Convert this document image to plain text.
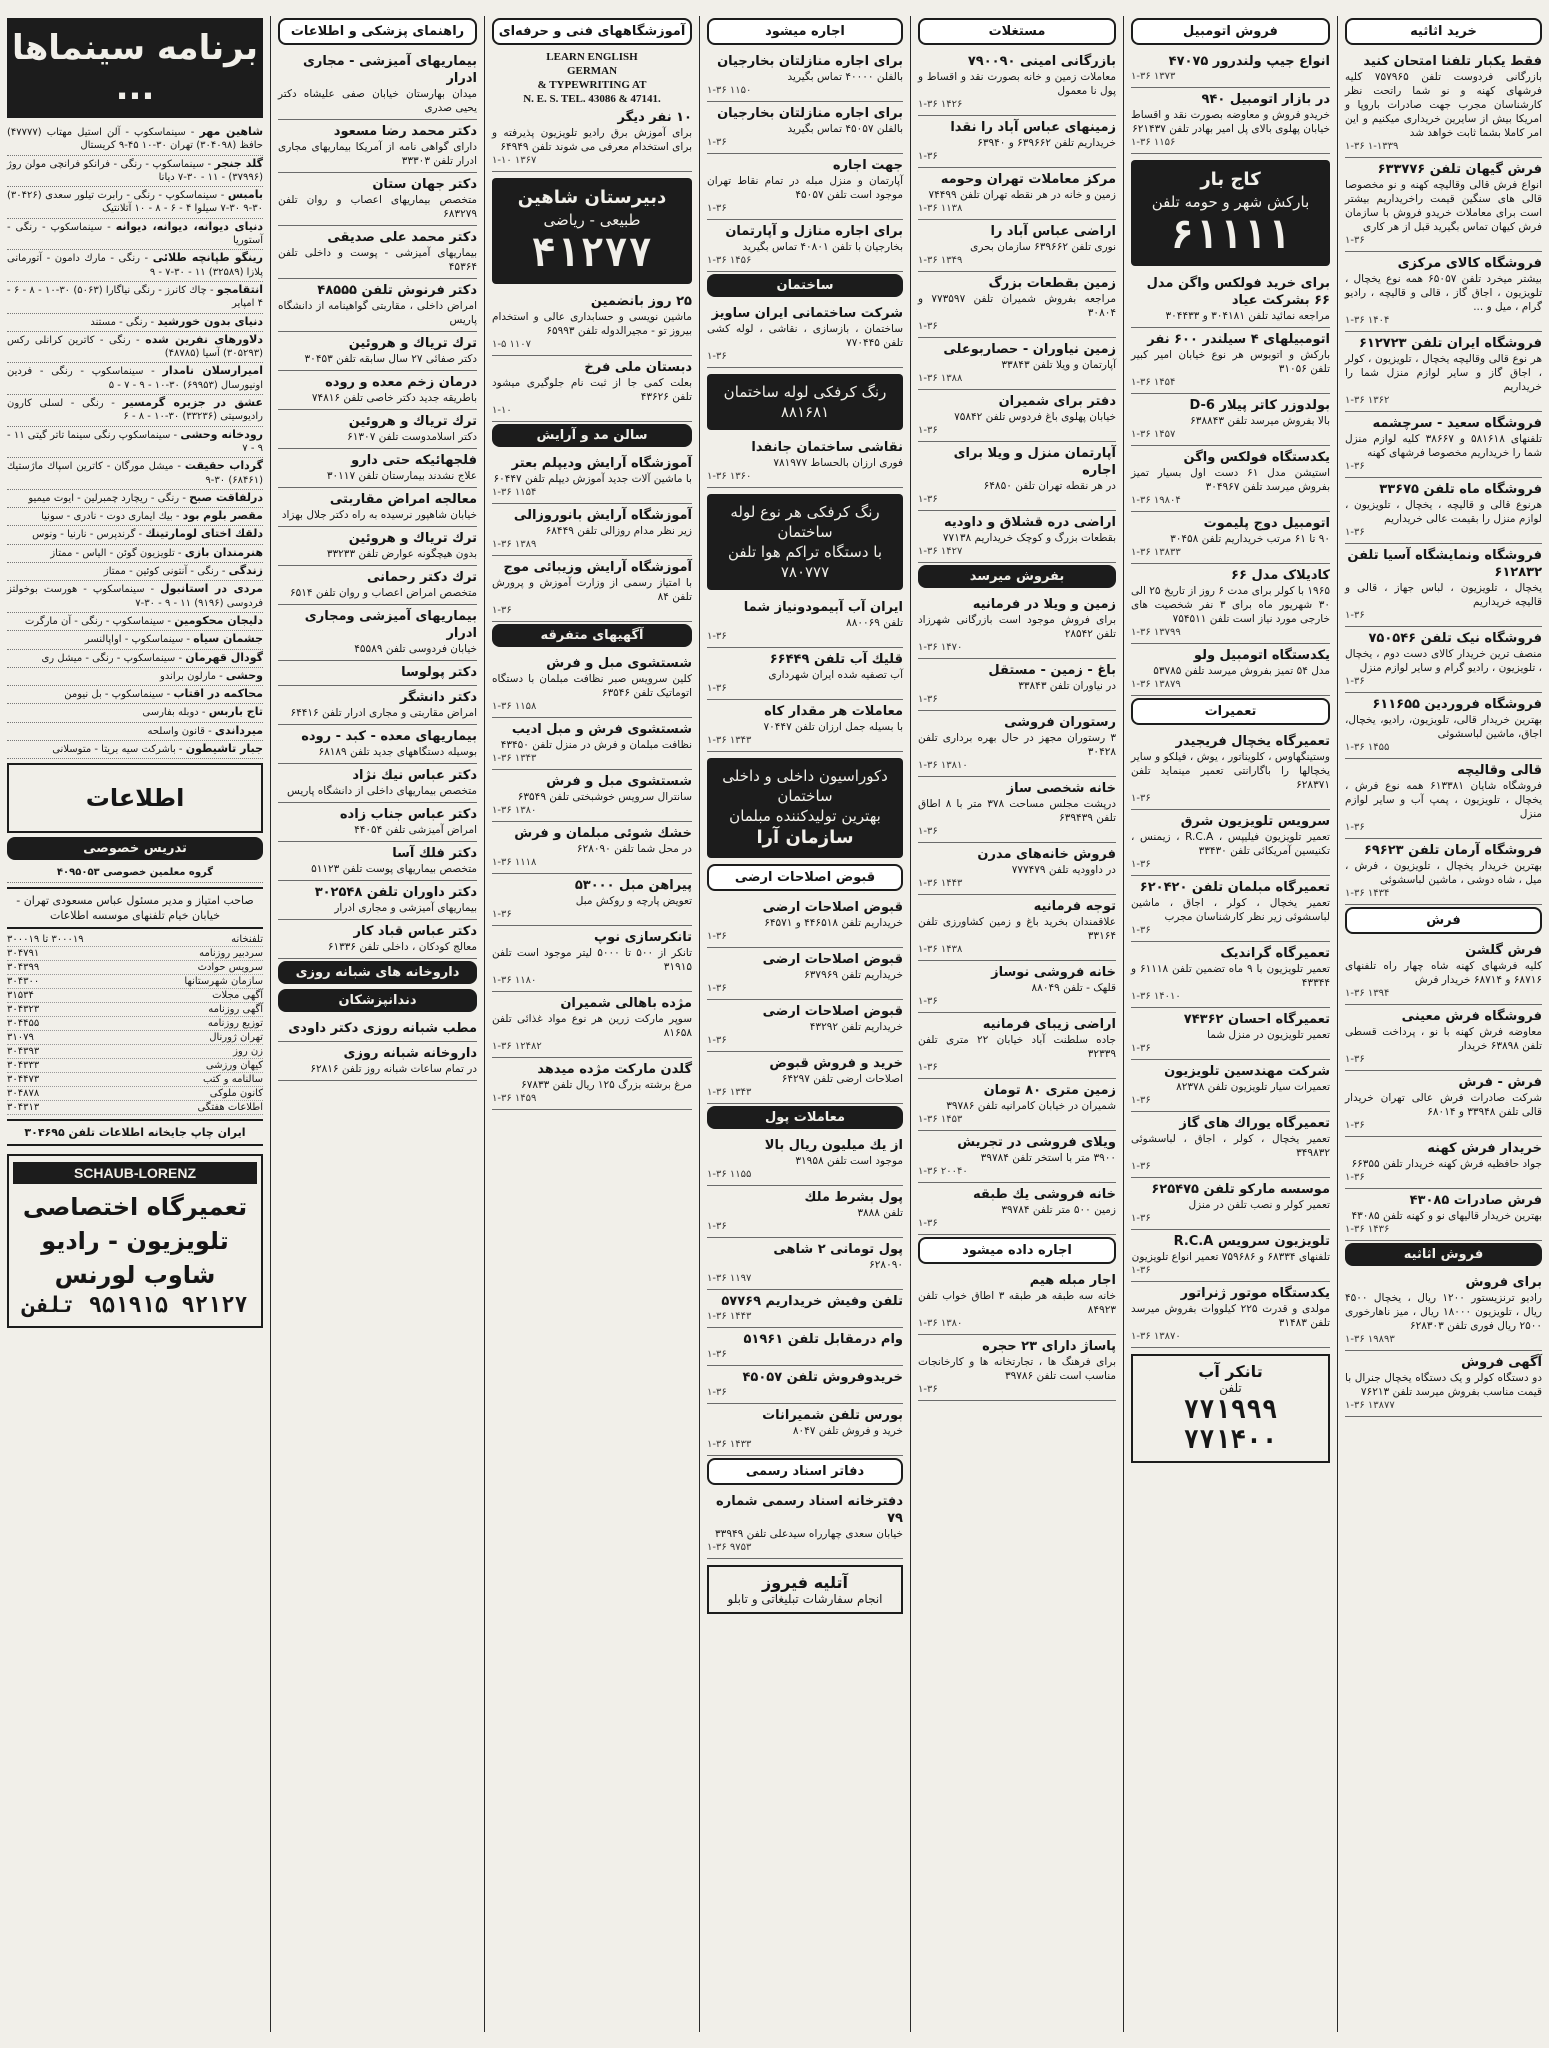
خرید اثاثیه
فقط یکبار تلفنا امتحان کنید
بازرگانی فردوست تلفن ۷۵۷۹۶۵ کلیه فرشهای کهنه و نو شما راتحت نظر کارشناسان مجرب جهت صادرات باروپا و امریکا بیش از سایرین خریداری میکنیم و این امر کاملا بشما ثابت خواهد شد
۱-۳۶ ۱-۱۳۳۹
فرش گیهان تلفن ۶۳۳۷۷۶
انواع فرش قالی وقالیچه کهنه و نو مخصوصا قالی های سنگین قیمت راخریداریم بیشتر است برای معاملات خریدو فروش با سازمان فرش کیهان تماس بگیرید قبل از هر کاری
۱-۳۶
فروشگاه کالای مرکزی
بیشتر میخرد تلفن ۶۵۰۵۷ همه نوع یخچال ، تلویزیون ، اجاق گاز ، قالی و قالیچه ، رادیو گرام ، میل و ...
۱-۳۶ ۱۴۰۴
فروشگاه ایران تلفن ۶۱۲۷۲۳
هر نوع قالی وقالیچه یخچال ، تلویزیون ، کولر ، اجاق گاز و سایر لوازم منزل شما را خریداریم
۱-۳۶ ۱۳۶۲
فروشگاه سعید - سرچشمه
تلفنهای ۵۸۱۶۱۸ و ۳۸۶۶۷ کلیه لوازم منزل شما را خریداریم مخصوصا فرشهای کهنه
۱-۳۶
فروشگاه ماه تلفن ۳۳۶۷۵
هرنوع قالی و قالیچه ، یخچال ، تلویزیون ، لوازم منزل را بقیمت عالی خریداریم
۱-۳۶
فروشگاه ونمایشگاه آسیا تلفن ۶۱۲۸۳۲
یخچال ، تلویزیون ، لباس جهاز ، قالی و قالیچه خریداریم
۱-۳۶
فروشگاه نیک تلفن ۷۵۰۵۴۶
منصف ترین خریدار کالای دست دوم ، یخچال ، تلویزیون ، رادیو گرام و سایر لوازم منزل
۱-۳۶
فروشگاه فروردین ۶۱۱۶۵۵
بهترین خریدار قالی، تلویزیون، رادیو، یخچال، اجاق، ماشین لباسشوئی
۱-۳۶ ۱۴۵۵
قالی وقالیچه
فروشگاه شایان ۶۱۳۳۸۱ همه نوع فرش ، یخچال ، تلویزیون ، پمپ آب و سایر لوازم منزل
۱-۳۶
فروشگاه آرمان تلفن ۶۹۶۲۳
بهترین خریدار یخچال ، تلویزیون ، فرش ، میل ، شاه دوشی ، ماشین لباسشوئی
۱-۳۶ ۱۴۳۴
فرش
فرش گلشن
کلیه فرشهای کهنه شاه چهار راه تلفنهای ۶۸۷۱۶ و ۶۸۷۱۴ خریدار فرش
۱-۳۶ ۱۳۹۴
فروشگاه فرش معینی
معاوضه فرش کهنه با نو ، پرداخت قسطی تلفن ۶۳۸۹۸ خریدار
۱-۳۶
فرش - فرش
شرکت صادرات فرش عالی تهران خریدار قالی تلفن ۳۳۹۴۸ و ۶۸۰۱۴
۱-۳۶
خریدار فرش کهنه
جواد حافظیه فرش کهنه خریدار تلفن ۶۶۳۵۵
۱-۳۶
فرش صادرات ۴۳۰۸۵
بهترین خریدار قالیهای نو و کهنه تلفن ۴۳۰۸۵
۱-۳۶ ۱۴۳۶
فروش اثاثیه
برای فروش
رادیو ترنزیستور ۱۲۰۰ ریال ، یخچال ۴۵۰۰ ریال ، تلویزیون ۱۸۰۰۰ ریال ، میز ناهارخوری ۲۵۰۰ ریال فوری تلفن ۶۲۸۳۰۳
۱-۳۶ ۱۹۸۹۳
آگهی فروش
دو دستگاه کولر و یک دستگاه یخچال جنرال با قیمت مناسب بفروش میرسد تلفن ۷۶۲۱۳
۱-۳۶ ۱۳۸۷۷
فروش اتومبیل
انواع جیپ ولندرور ۴۷۰۷۵
۱-۳۶ ۱۳۷۳
در بازار اتومبیل ۹۴۰
خریدو فروش و معاوضه بصورت نقد و اقساط خیابان پهلوی بالای پل امیر بهادر تلفن ۶۲۱۴۳۷
۱-۳۶ ۱۱۵۶
کاج بار
بارکش شهر و حومه تلفن
۶۱۱۱۱
برای خرید فولکس واگن مدل ۶۶ بشرکت عیاد
مراجعه نمائید تلفن ۳۰۴۱۸۱ و ۳۰۴۴۳۳
اتومبیلهای ۴ سیلندر ۶۰۰ نفر
بارکش و اتوبوس هر نوع خیابان امیر کبیر تلفن ۳۱۰۵۶
۱-۳۶ ۱۴۵۴
بولدوزر کاتر پیلار D-6
بالا بفروش میرسد تلفن ۶۳۸۸۴۳
۱-۳۶ ۱۴۵۷
یکدستگاه فولکس واگن
استیشن مدل ۶۱ دست اول بسیار تمیز بفروش میرسد تلفن ۳۰۴۹۶۷
۱-۳۶ ۱۹۸۰۴
اتومبیل دوج پلیموت
۹۰ تا ۶۱ مرتب خریداریم تلفن ۳۰۴۵۸
۱-۳۶ ۱۳۸۳۳
کادیلاک مدل ۶۶
۱۹۶۵ با کولر برای مدت ۶ روز از تاریخ ۲۵ الی ۳۰ شهریور ماه برای ۳ نفر شخصیت های خارجی مورد نیاز است تلفن ۷۵۴۵۱۱
۱-۳۶ ۱۳۷۹۹
یکدستگاه اتومبیل ولو
مدل ۵۴ تمیز بفروش میرسد تلفن ۵۳۷۸۵
۱-۳۶ ۱۳۸۷۹
تعمیرات
تعمیرگاه یخچال فریجیدر
وستینگهاوس ، کلویناتور ، یوش ، فیلکو و سایر یخچالها را باگارانتی تعمیر مینماید تلفن ۶۲۸۳۷۱
۱-۳۶
سرویس تلویزیون شرق
تعمیر تلویزیون فیلیپس ، R.C.A ، زیمنس ، تکنیسین آمریکائی تلفن ۳۳۴۳۰
۱-۳۶
تعمیرگاه مبلمان تلفن ۶۲۰۴۲۰
تعمیر یخچال ، کولر ، اجاق ، ماشین لباسشوئی زیر نظر کارشناسان مجرب
۱-۳۶
تعمیرگاه گراندیک
تعمیر تلویزیون با ۹ ماه تضمین تلفن ۶۱۱۱۸ و ۴۳۳۴۴
۱-۳۶ ۱۴۰۱۰
تعمیرگاه احسان ۷۴۳۶۲
تعمیر تلویزیون در منزل شما
۱-۳۶
شرکت مهندسین تلویزیون
تعمیرات سیار تلویزیون تلفن ۸۲۳۷۸
۱-۳۶
تعمیرگاه یوراك های گاز
تعمیر یخچال ، کولر ، اجاق ، لباسشوئی ۳۴۹۸۳۲
۱-۳۶
موسسه مارکو تلفن ۶۲۵۴۷۵
تعمیر کولر و نصب تلفن در منزل
۱-۳۶
تلویزیون سرویس R.C.A
تلفنهای ۶۸۳۳۴ و ۷۵۹۶۸۶ تعمیر انواع تلویزیون
۱-۳۶
یکدستگاه موتور ژنراتور
مولدی و قدرت ۲۲۵ کیلووات بفروش میرسد تلفن ۳۱۴۸۳
۱-۳۶ ۱۳۸۷۰
تانکر آب
تلفن
۷۷۱۹۹۹ ۷۷۱۴۰۰
مستغلات
بازرگانی امینی ۷۹۰۰۹۰
معاملات زمین و خانه بصورت نقد و اقساط و پول نا معمول
۱-۳۶ ۱۴۲۶
زمینهای عباس آباد را نقدا
خریداریم تلفن ۶۳۹۶۶۲ و ۶۳۹۴۰
۱-۳۶
مرکز معاملات تهران وحومه
زمین و خانه در هر نقطه تهران تلفن ۷۴۴۹۹
۱-۳۶ ۱۱۳۸
اراضی عباس آباد را
نوری تلفن ۶۳۹۶۶۲ سازمان بحری
۱-۳۶ ۱۳۴۹
زمین بقطعات بزرگ
مراجعه بفروش شمیران تلفن ۷۷۳۵۹۷ و ۳۰۸۰۴
۱-۳۶
زمین نیاوران - حصاربوعلی
آپارتمان و ویلا تلفن ۳۳۸۴۳
۱-۳۶ ۱۳۸۸
دفتر برای شمیران
خیابان پهلوی باغ فردوس تلفن ۷۵۸۴۲
۱-۳۶
آپارتمان منزل و ویلا برای اجاره
در هر نقطه تهران تلفن ۶۴۸۵۰
۱-۳۶
اراضی دره قشلاق و داودیه
بقطعات بزرگ و کوچک خریداریم ۷۷۱۳۸
۱-۳۶ ۱۴۲۷
بفروش میرسد
زمین و ویلا در فرمانیه
برای فروش موجود است بازرگانی شهرزاد تلفن ۲۸۵۴۲
۱-۳۶ ۱۴۷۰
باغ - زمین - مستقل
در نیاوران تلفن ۳۳۸۴۳
۱-۳۶
رستوران فروشی
۳ رستوران مجهز در حال بهره برداری تلفن ۳۰۴۲۸
۱-۳۶ ۱۳۸۱۰
خانه شخصی ساز
درپشت مجلس مساحت ۳۷۸ متر با ۸ اطاق تلفن ۶۳۹۴۳۹
۱-۳۶
فروش خانه‌های مدرن
در داوودیه تلفن ۷۷۷۴۷۹
۱-۳۶ ۱۴۴۳
توجه فرمانیه
علاقمندان بخرید باغ و زمین کشاورزی تلفن ۳۳۱۶۴
۱-۳۶ ۱۴۳۸
خانه فروشی نوساز
قلهک - تلفن ۸۸۰۴۹
۱-۳۶
اراضی زیبای فرمانیه
جاده سلطنت آباد خیابان ۲۲ متری تلفن ۳۲۳۳۹
۱-۳۶
زمین متری ۸۰ تومان
شمیران در خیابان کامرانیه تلفن ۳۹۷۸۶
۱-۳۶ ۱۴۵۳
ویلای فروشی در تجریش
۳۹۰۰ متر با استخر تلفن ۳۹۷۸۴
۱-۳۶ ۲۰۰۴۰
خانه فروشی یك طبقه
زمین ۵۰۰ متر تلفن ۳۹۷۸۴
۱-۳۶
اجاره داده میشود
اجار مبله هیم
خانه سه طبقه هر طبقه ۳ اطاق خواب تلفن ۸۴۹۲۳
۱-۳۶ ۱۳۸۰
پاساژ دارای ۲۳ حجره
برای فرهنگ ها ، تجارتخانه ها و کارخانجات مناسب است تلفن ۳۹۷۸۶
۱-۳۶
اجاره میشود
برای اجاره منازلتان بخارجیان
بالفلن ۴۰۰۰۰ تماس بگیرید
۱-۳۶ ۱۱۵۰
برای اجاره منازلتان بخارجیان
بالفلن ۴۵۰۵۷ تماس بگیرید
۱-۳۶
جهت اجاره
آپارتمان و منزل مبله در تمام نقاط تهران موجود است تلفن ۴۵۰۵۷
۱-۳۶
برای اجاره منازل و آپارتمان
بخارجیان با تلفن ۴۰۸۰۱ تماس بگیرید
۱-۳۶ ۱۴۵۶
ساختمان
شرکت ساختمانی ایران ساویز
ساختمان ، بازسازی ، نقاشی ، لوله کشی تلفن ۷۷۰۴۴۵
۱-۳۶
رنگ کرفکی لوله ساختمان
۸۸۱۶۸۱
نقاشی ساختمان جانفدا
فوری ارزان بالحساط ۷۸۱۹۷۷
۱-۳۶ ۱۳۶۰
رنگ کرفکی هر نوع لوله ساختمان
با دستگاه تراکم هوا تلفن
۷۸۰۷۷۷
ایران آب آبیمودونیاز شما
تلفن ۸۸۰۰۶۹
۱-۳۶
قلیك آب تلفن ۶۶۴۴۹
آب تصفیه شده ایران شهرداری
۱-۳۶
معاملات هر مقدار کاه
با بسیله جمل ارزان تلفن ۷۰۴۴۷
۱-۳۶ ۱۳۴۳
دکوراسیون داخلی و داخلی ساختمان
بهترین تولیدکننده مبلمان
سازمان آرا
قبوض اصلاحات ارضی
قبوض اصلاحات ارضی
خریداریم تلفن ۴۴۶۵۱۸ و ۶۴۵۷۱
۱-۳۶
قبوض اصلاحات ارضی
خریداریم تلفن ۶۳۷۹۶۹
۱-۳۶
قبوض اصلاحات ارضی
خریداریم تلفن ۴۳۲۹۲
۱-۳۶
خرید و فروش قبوض
اصلاحات ارضی تلفن ۶۴۲۹۷
۱-۳۶ ۱۳۴۳
معاملات پول
از یك میلیون ریال بالا
موجود است تلفن ۳۱۹۵۸
۱-۳۶ ۱۱۵۵
پول بشرط ملك
تلفن ۳۸۸۸
۱-۳۶
پول تومانی ۲ شاهی
۶۲۸۰۹۰
۱-۳۶ ۱۱۹۷
تلفن وفیش خریداریم ۵۷۷۶۹
۱-۳۶ ۱۴۴۳
وام درمقابل تلفن ۵۱۹۶۱
۱-۳۶
خریدوفروش تلفن ۴۵۰۵۷
۱-۳۶
بورس تلفن شمیرانات
خرید و فروش تلفن ۸۰۴۷
۱-۳۶ ۱۴۳۳
دفاتر اسناد رسمی
دفترخانه اسناد رسمی شماره ۷۹
خیابان سعدی چهارراه سیدعلی تلفن ۳۳۹۴۹
۱-۳۶ ۹۷۵۳
آتلیه فیروز
انجام سفارشات تبلیغاتی و تابلو
آموزشگاههای فنی و حرفه‌ای
LEARN ENGLISH
GERMAN
& TYPEWRITING AT
N. E. S. TEL. 43086 & 47141.
۱۰ نفر دیگر
برای آموزش برق رادیو تلویزیون پذیرفته و برای استخدام معرفی می شوند تلفن ۶۴۹۴۹
۱-۱۰ ۱۳۶۷
دبیرستان شاهین
طبیعی - ریاضی
۴۱۲۷۷
۲۵ روز بانضمین
ماشین نویسی و حسابداری عالی و استخدام بیروز تو - مجیرالدوله تلفن ۶۵۹۹۳
۱-۵ ۱۱۰۷
دبستان ملی فرخ
بعلت کمی جا از ثبت نام جلوگیری میشود تلفن ۴۳۶۲۶
۱-۱۰
سالن مد و آرایش
آموزشگاه آرایش ودیپلم بعتر
با ماشین آلات جدید آموزش دیپلم تلفن ۶۰۴۴۷
۱-۳۶ ۱۱۵۴
آموزشگاه آرایش بانوروزالی
زیر نظر مدام روزالی تلفن ۶۸۴۴۹
۱-۳۶ ۱۳۸۹
آموزشگاه آرایش وزیبائی موج
با امتیاز رسمی از وزارت آموزش و پرورش تلفن ۸۴
۱-۳۶
آگهیهای متفرقه
شستشوی مبل و فرش
کلین سرویس صبر نظافت مبلمان با دستگاه اتوماتیک تلفن ۶۳۵۴۶
۱-۳۶ ۱۱۵۸
شستشوی فرش و مبل ادیب
نظافت مبلمان و فرش در منزل تلفن ۴۳۴۵۰
۱-۳۶ ۱۳۴۳
شستشوی مبل و فرش
سانترال سرویس خوشبختی تلفن ۶۳۵۴۹
۱-۳۶ ۱۳۸۰
خشك شوئی مبلمان و فرش
در محل شما تلفن ۶۲۸۰۹۰
۱-۳۶ ۱۱۱۸
پیراهن مبل ۵۳۰۰۰
تعویض پارچه و روکش مبل
۱-۳۶
تانکرسازی نوپ
تانکر از ۵۰۰ تا ۵۰۰۰ لیتر موجود است تلفن ۳۱۹۱۵
۱-۳۶ ۱۱۸۰
مژده باهالی شمیران
سوپر مارکت زرین هر نوع مواد غذائی تلفن ۸۱۶۵۸
۱-۳۶ ۱۲۴۸۲
گلدن مارکت مژده میدهد
مرغ برشته بزرگ ۱۲۵ ریال تلفن ۶۷۸۳۳
۱-۳۶ ۱۴۵۹
راهنمای پزشکی و اطلاعات
بیماریهای آمیزشی - مجاری ادرار
میدان بهارستان خیابان صفی علیشاه دکتر یحیی صدری
دکتر محمد رضا مسعود
دارای گواهی نامه از آمریکا بیماریهای مجاری ادرار تلفن ۳۳۳۰۳
دکتر جهان ستان
متخصص بیماریهای اعصاب و روان تلفن ۶۸۳۲۷۹
دکتر محمد علی صدیقی
بیماریهای آمیزشی - پوست و داخلی تلفن ۴۵۳۶۴
دکتر فرنوش تلفن ۴۸۵۵۵
امراض داخلی ، مقاربتی گواهینامه از دانشگاه پاریس
ترك تریاك و هروئین
دکتر صفائی ۲۷ سال سابقه تلفن ۳۰۴۵۳
درمان زخم معده و روده
باطریقه جدید دکتر خاصی تلفن ۷۴۸۱۶
ترك تریاك و هروئین
دکتر اسلامدوست تلفن ۶۱۳۰۷
فلجهائیکه حتی دارو
علاج نشدند بیمارستان تلفن ۳۰۱۱۷
معالجه امراض مقاربتی
خیابان شاهپور نرسیده به راه دکتر جلال بهزاد
ترك تریاك و هروئین
بدون هیچگونه عوارض تلفن ۳۳۲۳۳
ترك دکتر رحمانی
متخصص امراض اعصاب و روان تلفن ۶۵۱۴
بیماریهای آمیزشی ومجاری ادرار
خیابان فردوسی تلفن ۴۵۵۸۹
دکتر پولوسا
دکتر دانشگر
امراض مقاربتی و مجاری ادرار تلفن ۶۴۴۱۶
بیماریهای معده - کبد - روده
بوسیله دستگاههای جدید تلفن ۶۸۱۸۹
دکتر عباس نیك نژاد
متخصص بیماریهای داخلی از دانشگاه پاریس
دکتر عباس جناب زاده
امراض آمیزشی تلفن ۴۴۰۵۴
دکتر فلك آسا
متخصص بیماریهای پوست تلفن ۵۱۱۲۳
دکتر داوران تلفن ۳۰۲۵۴۸
بیماریهای آمیزشی و مجاری ادرار
دکتر عباس قباد کار
معالج کودکان ، داخلی تلفن ۶۱۳۳۶
داروخانه های شبانه روزی
دندانپزشکان
مطب شبانه روزی دکتر داودی
داروخانه شبانه روزی
در تمام ساعات شبانه روز تلفن ۶۲۸۱۶
برنامه سینماها ...
شاهین مهر - سینماسکوپ - آلن استیل مهتاب (۴۷۷۷۷) حافظ (۳۰۴۰۹۸) تهران ۳۰-۱۰ ۴۵-۹ کریستال
گلد جنجر - سینماسکوپ - رنگی - فرانکو فرانچی مولن روژ (۳۷۹۹۶) - ۱۱ - ۳۰-۷ دیانا
بامبس - سینماسکوپ - رنگی - رابرت تیلور سعدی (۳۰۴۲۶) ۳۰-۹ ۳۰-۷ سیلوا ۴ - ۶ - ۸ - ۱۰ آتلانتیک
دنیای دیوانه، دیوانه، دیوانه - سینماسکوپ - رنگی - آستوریا
رینگو طپانچه طلائی - رنگی - مارك دامون - آتورمانی پلازا (۳۲۵۸۹) ۱۱ - ۳۰-۷ - ۹
انتقامجو - چاك کانرز - رنگی نیاگارا (۵۰۶۳) ۳۰-۱۰ - ۸ - ۶ - ۴ امپایر
دنیای بدون خورشید - رنگی - مستند
دلاورهای نفرین شده - رنگی - کاترین کرانلی رکس (۳۰۵۲۹۳) آسیا (۴۸۷۸۵)
امیرارسلان نامدار - سینماسکوپ - رنگی - فردین اونیورسال (۶۹۹۵۳) ۳۰-۱۰ - ۹ - ۷ - ۵
عشق در جزیره گرمسیر - رنگی - لسلی کارون رادیوسیتی (۳۳۲۳۶) ۳۰-۱۰ - ۸ - ۶
رودخانه وحشی - سینماسکوپ رنگی سینما تاتر گیتی ۱۱ - ۹ - ۷
گرداب حقیقت - میشل مورگان - کاترین اسپاك ماژستیك (۶۸۴۶۱) ۳۰-۹
درلفاقت صبح - رنگی - ریچارد چمبرلین - ایوت میمیو
مقصر بلوم بود - بیك ایماری دوت - نادری - سونیا
دلقك اختای لومارتینك - گرندپرس - نارنیا - ونوس
هنرمندان بازی - تلویزیون گوئن - الیاس - ممتاز
زندگی - رنگی - آنتونی کوئین - ممتاز
مردی در استانبول - سینماسکوپ - هورست بوخولتز فردوسی (۹۱۹۶) ۱۱ - ۹ - ۳۰-۷
دلیجان محکومین - سینماسکوپ - رنگی - آن مارگرت
جشمان سیاه - سینماسکوپ - اواپالنسر
گودال قهرمان - سینماسکوپ - رنگی - میشل ری
وحشی - مارلون براندو
محاکمه در اقتاب - سینماسکوپ - بل نیومن
تاج باربس - دوبله بفارسی
میرداندی - قانون واسلحه
جبار تاشیطون - باشرکت سیه بریتا - متوسلانی
اطلاعات
تدریس خصوصی
گروه معلمین خصوصی ۴۰۹۵۰۵۳
صاحب امتیاز و مدیر مسئول عباس مسعودی تهران - خیابان خیام تلفنهای موسسه اطلاعات
تلفنخانه
۳۰۰۰۱۹ تا ۳۰۰۰۱۹
سردبیر روزنامه
۳۰۴۷۹۱
سرویس حوادث
۳۰۴۳۹۹
سازمان شهرستانها
۳۰۴۳۰۰
آگهی مجلات
۳۱۵۳۴
آگهی روزنامه
۳۰۴۳۲۳
توزیع روزنامه
۳۰۴۴۵۵
تهران ژورنال
۳۱۰۷۹
زن روز
۳۰۴۳۹۳
کیهان ورزشی
۳۰۴۳۳۳
سالنامه و کتب
۳۰۴۴۷۳
کانون ملوکی
۳۰۴۸۷۸
اطلاعات هفتگی
۳۰۴۳۱۳
ایران چاپ جایخانه اطلاعات تلفن ۳۰۴۶۹۵
SCHAUB-LORENZ
تعمیرگاه اختصاصی تلویزیون - رادیو شاوب لورنس
۹۲۱۲۷ ۹۵۱۹۱۵ تلفن
